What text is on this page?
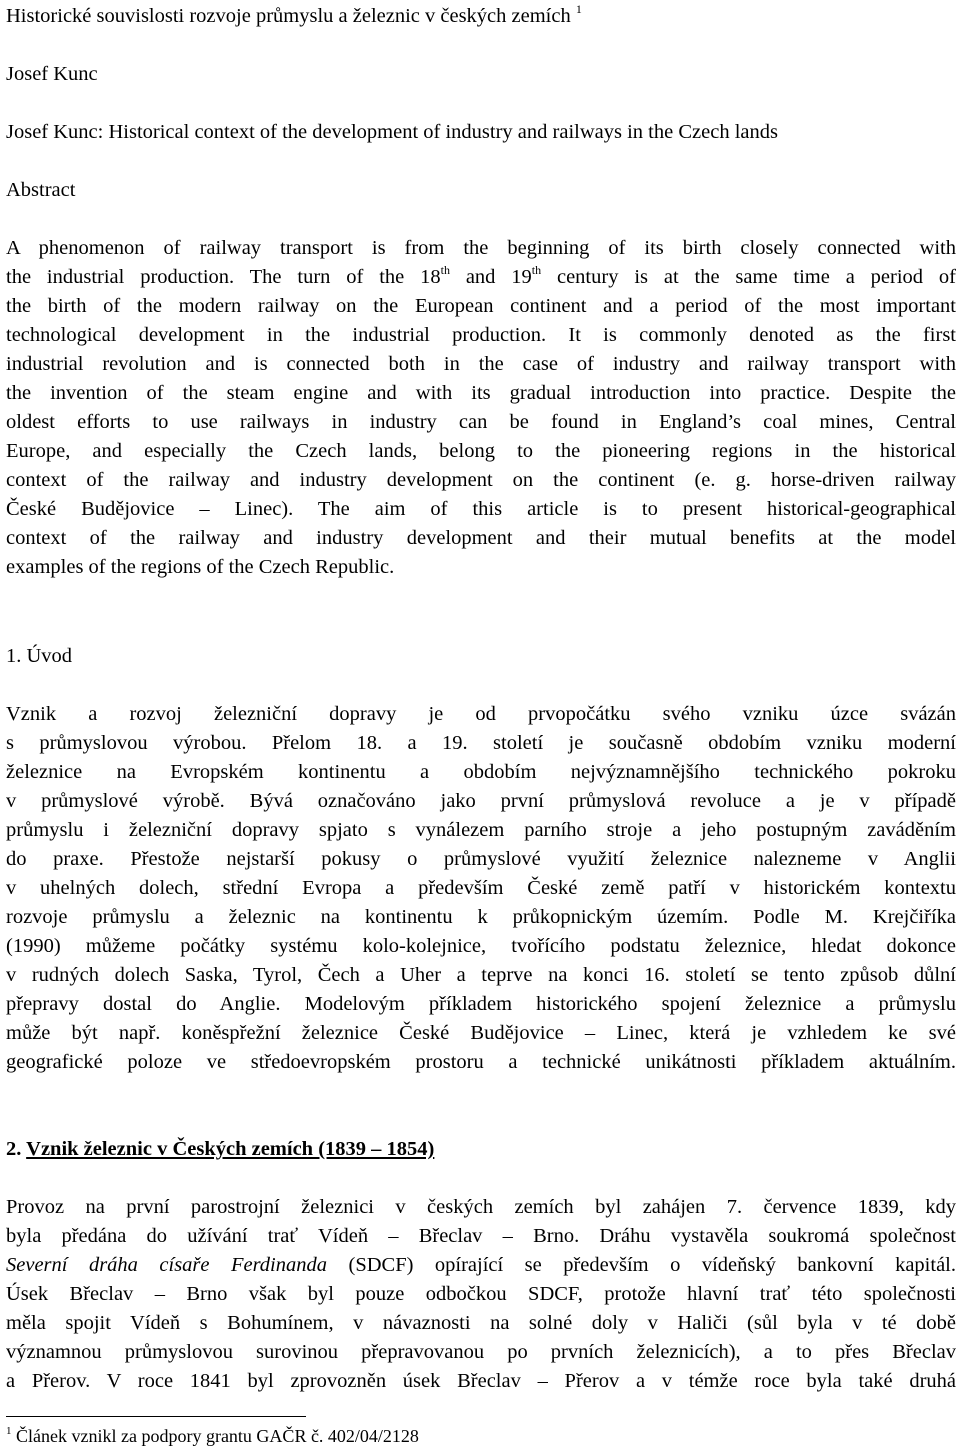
Historické souvislosti rozvoje průmyslu a železnic v českých zemích $^1$
Josef Kunc
Josef Kunc: Historical context of the development of industry and railways in the Czech lands
Abstract
A phenomenon of railway transport is from the beginning of its birth closely connected with
the industrial production. The turn of the 18th and 19th century is at the same time a period of
the birth of the modern railway on the European continent and a period of the most important
technological development in the industrial production. It is commonly denoted as the first
industrial revolution and is connected both in the case of industry and railway transport with
the invention of the steam engine and with its gradual introduction into practice. Despite the
oldest efforts to use railways in industry can be found in England’s coal mines, Central
Europe, and especially the Czech lands, belong to the pioneering regions in the historical
context of the railway and industry development on the continent (e. g. horse-driven railway
České Budějovice – Linec). The aim of this article is to present historical-geographical
context of the railway and industry development and their mutual benefits at the model
examples of the regions of the Czech Republic.
1. Úvod
Vznik a rozvoj železniční dopravy je od prvopočátku svého vzniku úzce svázán
s průmyslovou výrobou. Přelom 18. a 19. století je současně obdobím vzniku moderní
železnice na Evropském kontinentu a obdobím nejvýznamnějšího technického pokroku
v průmyslové výrobě. Bývá označováno jako první průmyslová revoluce a je v případě
průmyslu i železniční dopravy spjato s vynálezem parního stroje a jeho postupným zaváděním
do praxe. Přestože nejstarší pokusy o průmyslové využití železnice nalezneme v Anglii
v uhelných dolech, střední Evropa a především České země patří v historickém kontextu
rozvoje průmyslu a železnic na kontinentu k průkopnickým územím. Podle M. Krejčiříka
(1990) můžeme počátky systému kolo-kolejnice, tvořícího podstatu železnice, hledat dokonce
v rudných dolech Saska, Tyrol, Čech a Uher a teprve na konci 16. století se tento způsob důlní
přepravy dostal do Anglie. Modelovým příkladem historického spojení železnice a průmyslu
může být např. koněspřežní železnice České Budějovice – Linec, která je vzhledem ke své
geografické poloze ve středoevropském prostoru a technické unikátnosti příkladem aktuálním.
2. Vznik železnic v Českých zemích (1839 – 1854)
Provoz na první parostrojní železnici v českých zemích byl zahájen 7. července 1839, kdy
byla předána do užívání trať Vídeň – Břeclav – Brno. Dráhu vystavěla soukromá společnost
Severní dráha císaře Ferdinanda (SDCF) opírající se především o vídeňský bankovní kapitál.
Úsek Břeclav – Brno však byl pouze odbočkou SDCF, protože hlavní trať této společnosti
měla spojit Vídeň s Bohumínem, v návaznosti na solné doly v Haliči (sůl byla v té době
významnou průmyslovou surovinou přepravovanou po prvních železnicích), a to přes Břeclav
a Přerov. V roce 1841 byl zprovozněn úsek Břeclav – Přerov a v témže roce byla také druhá
$^1$ Článek vznikl za podpory grantu GAČR č. 402/04/2128
